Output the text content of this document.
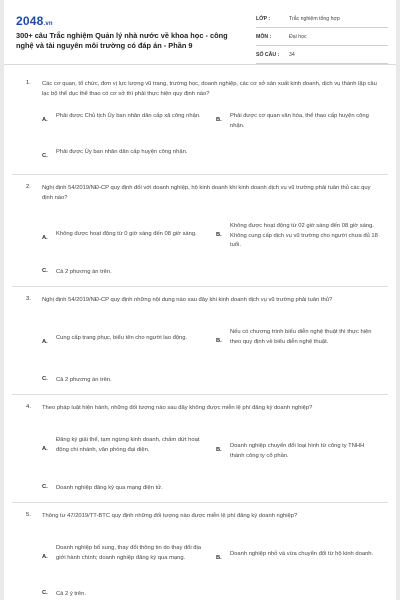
2048.vn
300+ câu Trắc nghiệm Quản lý nhà nước về khoa học - công nghệ và tài nguyên môi trường có đáp án - Phần 9
LỚP :	Trắc nghiệm tổng hợp
MÔN :	Đại học
SỐ CÂU : 34
1. Các cơ quan, tổ chức, đơn vị lực lượng vũ trang, trường học, doanh nghiệp, các cơ sở sản xuất kinh doanh, dịch vụ thành lập câu lạc bộ thể dục thể thao có cơ sở thì phải thực hiện quy định nào?
A.
Phải được Chủ tịch Ủy ban nhân dân cấp xã công nhận.
B.
Phải được cơ quan văn hóa, thể thao cấp huyện công nhận.
C.
Phải được Ủy ban nhân dân cấp huyện công nhận.
2. Nghị định 54/2019/NĐ-CP quy định đối với doanh nghiệp, hộ kinh doanh khi kinh doanh dịch vụ vũ trường phải tuân thủ các quy định nào?
A.
Không được hoạt động từ 0 giờ sáng đến 08 giờ sáng.	B.
Không được hoạt động từ 02 giờ sáng đến 08 giờ sáng. Không cung cấp dịch vụ vũ trường cho người chưa đủ 18 tuổi.
C. Cả 2 phương án trên.
3. Nghị định 54/2019/NĐ-CP quy định những nội dung nào sau đây khi kinh doanh dịch vụ vũ trường phải tuân thủ?
A.
Cung cấp trang phục, biểu tên cho người lao động.	B.
Nếu có chương trình biểu diễn nghệ thuật thì thực hiện theo quy định về biểu diễn nghệ thuật.
C. Cả 2 phương án trên.
4. Theo pháp luật hiện hành, những đối tượng nào sau đây không được miễn lệ phí đăng ký doanh nghiệp?
A.
Đăng ký giải thể, tạm ngừng kinh doanh, chấm dứt hoạt động chi nhánh, văn phòng đại diện.	B.
Doanh nghiệp chuyển đổi loại hình từ công ty TNHH thành công ty cổ phần.
C. Doanh nghiệp đăng ký qua mạng điện tử.
5. Thông tư 47/2019/TT-BTC quy định những đối tượng nào được miễn lệ phí đăng ký doanh nghiệp?
A.
Doanh nghiệp bổ sung, thay đổi thông tin do thay đổi địa giới hành chính; doanh nghiệp đăng ký qua mạng.	B.
Doanh nghiệp nhỏ và vừa chuyển đổi từ hộ kinh doanh.
C. Cả 2 ý trên.
